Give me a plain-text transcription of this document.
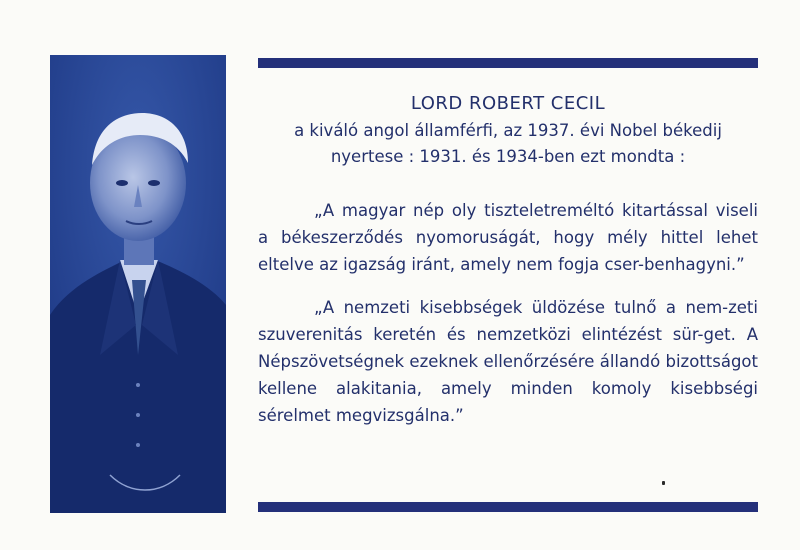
LORD ROBERT CECIL

a kiváló angol államférfi, az 1937. évi Nobel békedij
nyertese : 1931. és 1934-ben ezt mondta :

„A magyar nép oly tiszteletreméltó kitartással viseli a békeszerződés nyomoruságát, hogy mély hittel lehet eltelve az igazság iránt, amely nem fogja cser-benhagyni.”

„A nemzeti kisebbségek üldözése tulnő a nem-zeti szuverenitás keretén és nemzetközi elintézést sür-get. A Népszövetségnek ezeknek ellenőrzésére állandó bizottságot kellene alakitania, amely minden komoly kisebbségi sérelmet megvizsgálna.”
